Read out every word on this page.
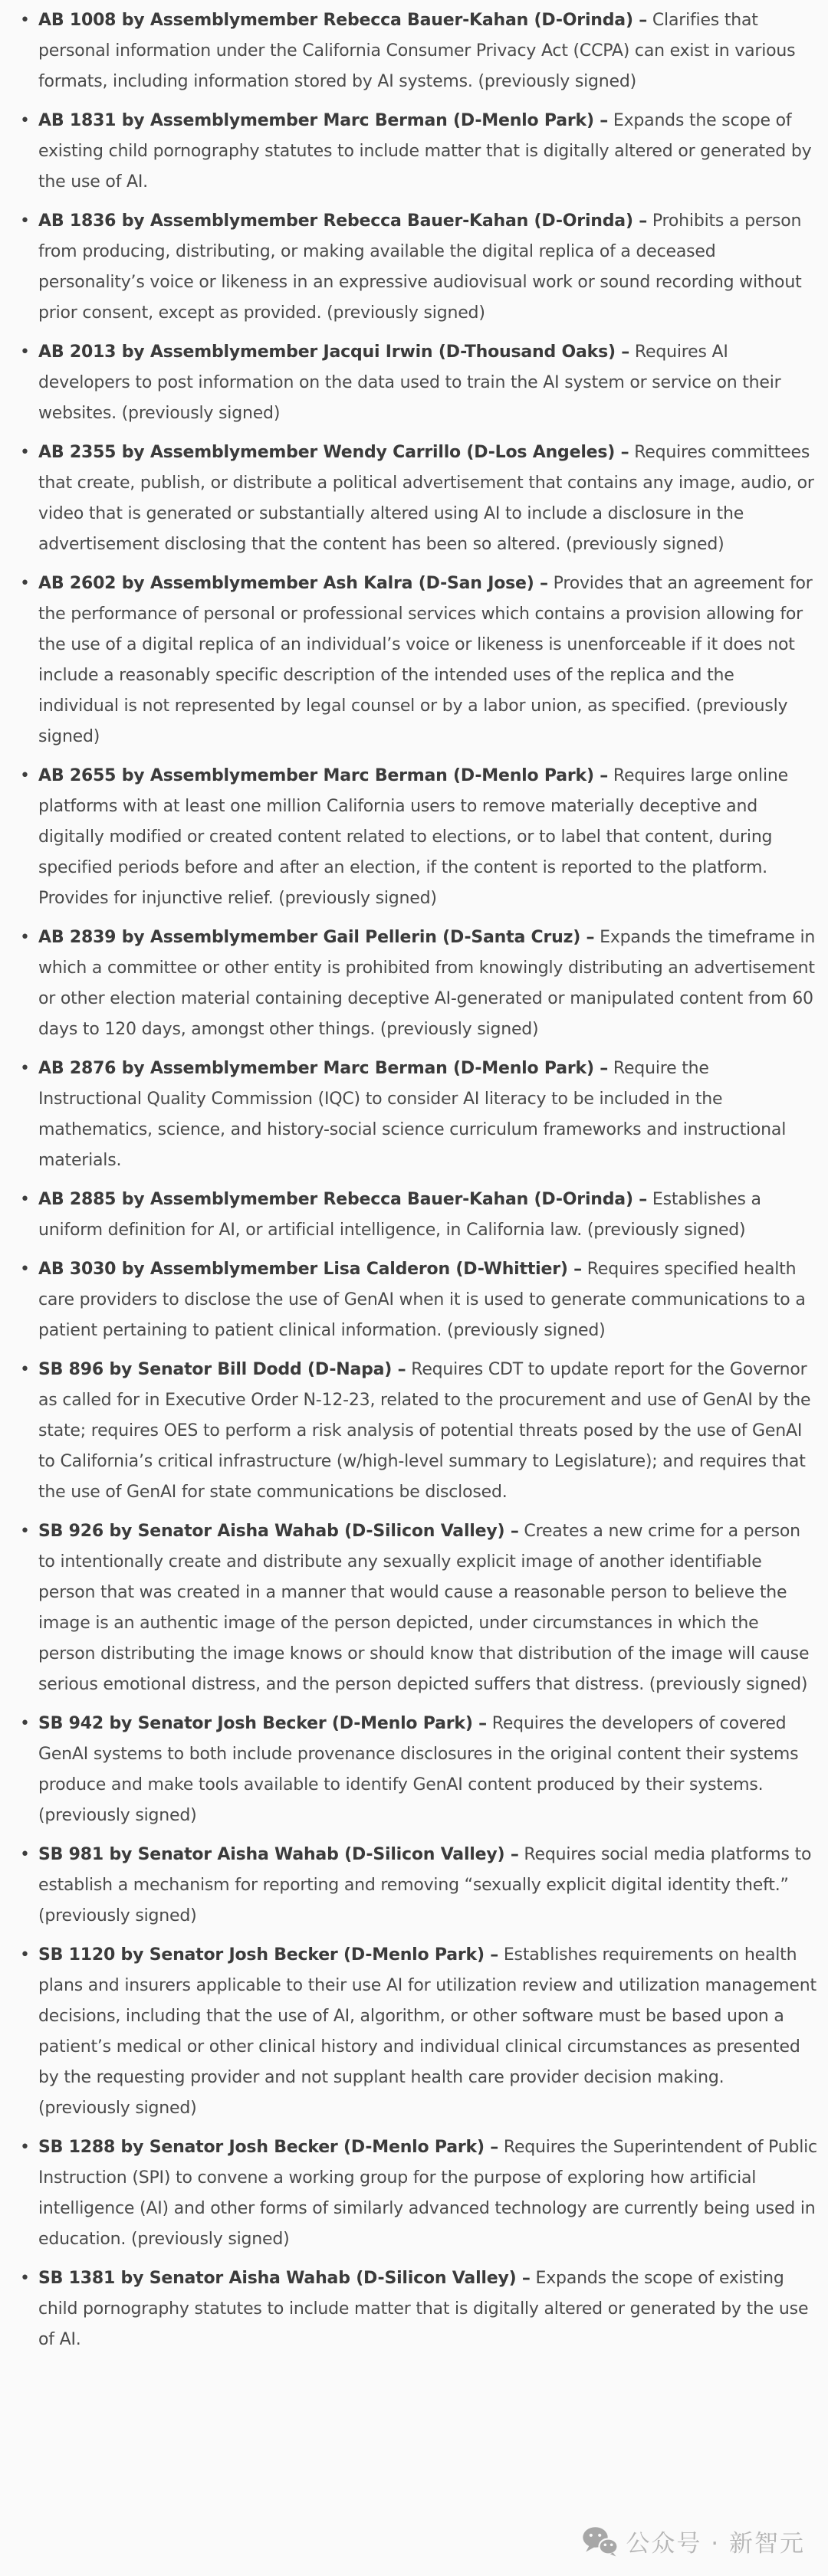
• AB 1008 by Assemblymember Rebecca Bauer-Kahan (D-Orinda) – Clarifies that personal information under the California Consumer Privacy Act (CCPA) can exist in various formats, including information stored by AI systems. (previously signed)
• AB 1831 by Assemblymember Marc Berman (D-Menlo Park) – Expands the scope of existing child pornography statutes to include matter that is digitally altered or generated by the use of AI.
• AB 1836 by Assemblymember Rebecca Bauer-Kahan (D-Orinda) – Prohibits a person from producing, distributing, or making available the digital replica of a deceased personality’s voice or likeness in an expressive audiovisual work or sound recording without prior consent, except as provided. (previously signed)
• AB 2013 by Assemblymember Jacqui Irwin (D-Thousand Oaks) – Requires AI developers to post information on the data used to train the AI system or service on their websites. (previously signed)
• AB 2355 by Assemblymember Wendy Carrillo (D-Los Angeles) – Requires committees that create, publish, or distribute a political advertisement that contains any image, audio, or video that is generated or substantially altered using AI to include a disclosure in the advertisement disclosing that the content has been so altered. (previously signed)
• AB 2602 by Assemblymember Ash Kalra (D-San Jose) – Provides that an agreement for the performance of personal or professional services which contains a provision allowing for the use of a digital replica of an individual’s voice or likeness is unenforceable if it does not include a reasonably specific description of the intended uses of the replica and the individual is not represented by legal counsel or by a labor union, as specified. (previously signed)
• AB 2655 by Assemblymember Marc Berman (D-Menlo Park) – Requires large online platforms with at least one million California users to remove materially deceptive and digitally modified or created content related to elections, or to label that content, during specified periods before and after an election, if the content is reported to the platform. Provides for injunctive relief. (previously signed)
• AB 2839 by Assemblymember Gail Pellerin (D-Santa Cruz) – Expands the timeframe in which a committee or other entity is prohibited from knowingly distributing an advertisement or other election material containing deceptive AI-generated or manipulated content from 60 days to 120 days, amongst other things. (previously signed)
• AB 2876 by Assemblymember Marc Berman (D-Menlo Park) – Require the Instructional Quality Commission (IQC) to consider AI literacy to be included in the mathematics, science, and history-social science curriculum frameworks and instructional materials.
• AB 2885 by Assemblymember Rebecca Bauer-Kahan (D-Orinda) – Establishes a uniform definition for AI, or artificial intelligence, in California law. (previously signed)
• AB 3030 by Assemblymember Lisa Calderon (D-Whittier) – Requires specified health care providers to disclose the use of GenAI when it is used to generate communications to a patient pertaining to patient clinical information. (previously signed)
• SB 896 by Senator Bill Dodd (D-Napa) – Requires CDT to update report for the Governor as called for in Executive Order N-12-23, related to the procurement and use of GenAI by the state; requires OES to perform a risk analysis of potential threats posed by the use of GenAI to California’s critical infrastructure (w/high-level summary to Legislature); and requires that the use of GenAI for state communications be disclosed.
• SB 926 by Senator Aisha Wahab (D-Silicon Valley) – Creates a new crime for a person to intentionally create and distribute any sexually explicit image of another identifiable person that was created in a manner that would cause a reasonable person to believe the image is an authentic image of the person depicted, under circumstances in which the person distributing the image knows or should know that distribution of the image will cause serious emotional distress, and the person depicted suffers that distress. (previously signed)
• SB 942 by Senator Josh Becker (D-Menlo Park) – Requires the developers of covered GenAI systems to both include provenance disclosures in the original content their systems produce and make tools available to identify GenAI content produced by their systems. (previously signed)
• SB 981 by Senator Aisha Wahab (D-Silicon Valley) – Requires social media platforms to establish a mechanism for reporting and removing “sexually explicit digital identity theft.” (previously signed)
• SB 1120 by Senator Josh Becker (D-Menlo Park) – Establishes requirements on health plans and insurers applicable to their use AI for utilization review and utilization management decisions, including that the use of AI, algorithm, or other software must be based upon a patient’s medical or other clinical history and individual clinical circumstances as presented by the requesting provider and not supplant health care provider decision making. (previously signed)
• SB 1288 by Senator Josh Becker (D-Menlo Park) – Requires the Superintendent of Public Instruction (SPI) to convene a working group for the purpose of exploring how artificial intelligence (AI) and other forms of similarly advanced technology are currently being used in education. (previously signed)
• SB 1381 by Senator Aisha Wahab (D-Silicon Valley) – Expands the scope of existing child pornography statutes to include matter that is digitally altered or generated by the use of AI.
公众号 · 新智元
